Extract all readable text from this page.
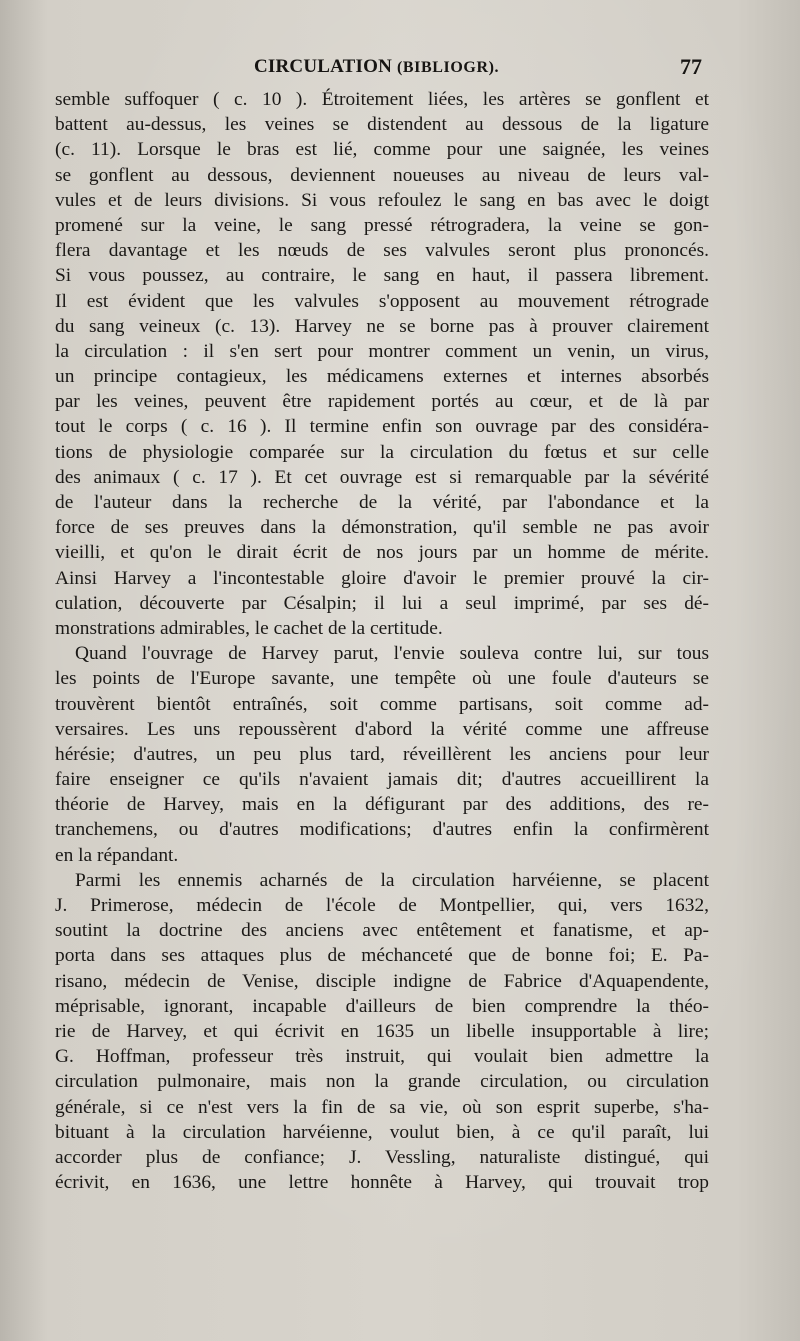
CIRCULATION (BIBLIOGR).	77
semble suffoquer ( c. 10 ). Étroitement liées, les artères se gonflent et
battent au-dessus, les veines se distendent au dessous de la ligature
(c. 11). Lorsque le bras est lié, comme pour une saignée, les veines
se gonflent au dessous, deviennent noueuses au niveau de leurs val-
vules et de leurs divisions. Si vous refoulez le sang en bas avec le doigt
promené sur la veine, le sang pressé rétrogradera, la veine se gon-
flera davantage et les nœuds de ses valvules seront plus prononcés.
Si vous poussez, au contraire, le sang en haut, il passera librement.
Il est évident que les valvules s'opposent au mouvement rétrograde
du sang veineux (c. 13). Harvey ne se borne pas à prouver clairement
la circulation : il s'en sert pour montrer comment un venin, un virus,
un principe contagieux, les médicamens externes et internes absorbés
par les veines, peuvent être rapidement portés au cœur, et de là par
tout le corps ( c. 16 ). Il termine enfin son ouvrage par des considéra-
tions de physiologie comparée sur la circulation du fœtus et sur celle
des animaux ( c. 17 ). Et cet ouvrage est si remarquable par la sévérité
de l'auteur dans la recherche de la vérité, par l'abondance et la
force de ses preuves dans la démonstration, qu'il semble ne pas avoir
vieilli, et qu'on le dirait écrit de nos jours par un homme de mérite.
Ainsi Harvey a l'incontestable gloire d'avoir le premier prouvé la cir-
culation, découverte par Césalpin; il lui a seul imprimé, par ses dé-
monstrations admirables, le cachet de la certitude.
Quand l'ouvrage de Harvey parut, l'envie souleva contre lui, sur tous
les points de l'Europe savante, une tempête où une foule d'auteurs se
trouvèrent bientôt entraînés, soit comme partisans, soit comme ad-
versaires. Les uns repoussèrent d'abord la vérité comme une affreuse
hérésie; d'autres, un peu plus tard, réveillèrent les anciens pour leur
faire enseigner ce qu'ils n'avaient jamais dit; d'autres accueillirent la
théorie de Harvey, mais en la défigurant par des additions, des re-
tranchemens, ou d'autres modifications; d'autres enfin la confirmèrent
en la répandant.
Parmi les ennemis acharnés de la circulation harvéienne, se placent
J. Primerose, médecin de l'école de Montpellier, qui, vers 1632,
soutint la doctrine des anciens avec entêtement et fanatisme, et ap-
porta dans ses attaques plus de méchanceté que de bonne foi; E. Pa-
risano, médecin de Venise, disciple indigne de Fabrice d'Aquapendente,
méprisable, ignorant, incapable d'ailleurs de bien comprendre la théo-
rie de Harvey, et qui écrivit en 1635 un libelle insupportable à lire;
G. Hoffman, professeur très instruit, qui voulait bien admettre la
circulation pulmonaire, mais non la grande circulation, ou circulation
générale, si ce n'est vers la fin de sa vie, où son esprit superbe, s'ha-
bituant à la circulation harvéienne, voulut bien, à ce qu'il paraît, lui
accorder plus de confiance; J. Vessling, naturaliste distingué, qui
écrivit, en 1636, une lettre honnête à Harvey, qui trouvait trop
